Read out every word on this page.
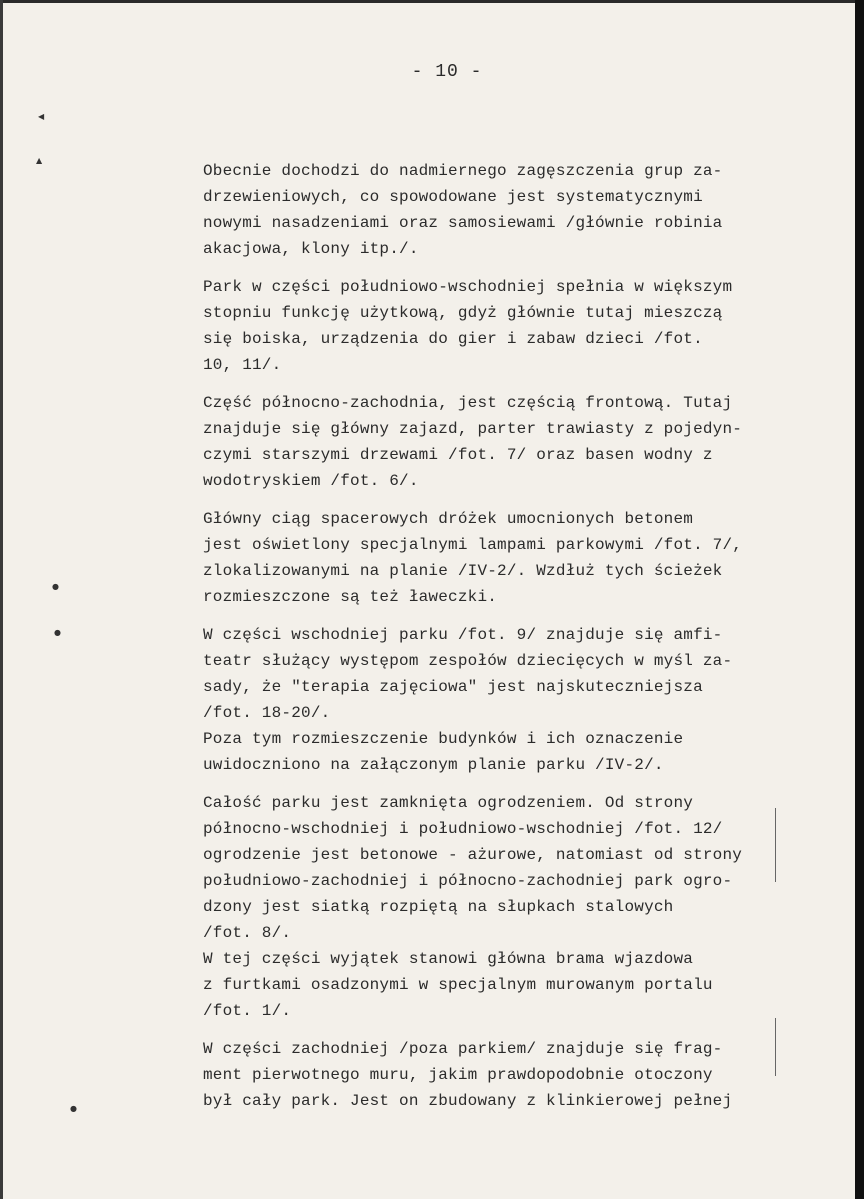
- 10 -
◀
▲
●
●
●
Obecnie dochodzi do nadmiernego zagęszczenia grup za-
drzewieniowych, co spowodowane jest systematycznymi
nowymi nasadzeniami oraz samosiewami /głównie robinia
akacjowa, klony itp./.
Park w części południowo-wschodniej spełnia w większym
stopniu funkcję użytkową, gdyż głównie tutaj mieszczą
się boiska, urządzenia do gier i zabaw dzieci /fot.
10, 11/.
Część północno-zachodnia, jest częścią frontową. Tutaj
znajduje się główny zajazd, parter trawiasty z pojedyn-
czymi starszymi drzewami /fot. 7/ oraz basen wodny z
wodotryskiem /fot. 6/.
Główny ciąg spacerowych dróżek umocnionych betonem
jest oświetlony specjalnymi lampami parkowymi /fot. 7/,
zlokalizowanymi na planie /IV-2/. Wzdłuż tych ścieżek
rozmieszczone są też ławeczki.
W części wschodniej parku /fot. 9/ znajduje się amfi-
teatr służący występom zespołów dziecięcych w myśl za-
sady, że "terapia zajęciowa" jest najskuteczniejsza
/fot. 18-20/.
Poza tym rozmieszczenie budynków i ich oznaczenie
uwidoczniono na załączonym planie parku /IV-2/.
Całość parku jest zamknięta ogrodzeniem. Od strony
północno-wschodniej i południowo-wschodniej /fot. 12/
ogrodzenie jest betonowe - ażurowe, natomiast od strony
południowo-zachodniej i północno-zachodniej park ogro-
dzony jest siatką rozpiętą na słupkach stalowych
/fot. 8/.
W tej części wyjątek stanowi główna brama wjazdowa
z furtkami osadzonymi w specjalnym murowanym portalu
/fot. 1/.
W części zachodniej /poza parkiem/ znajduje się frag-
ment pierwotnego muru, jakim prawdopodobnie otoczony
był cały park. Jest on zbudowany z klinkierowej pełnej
